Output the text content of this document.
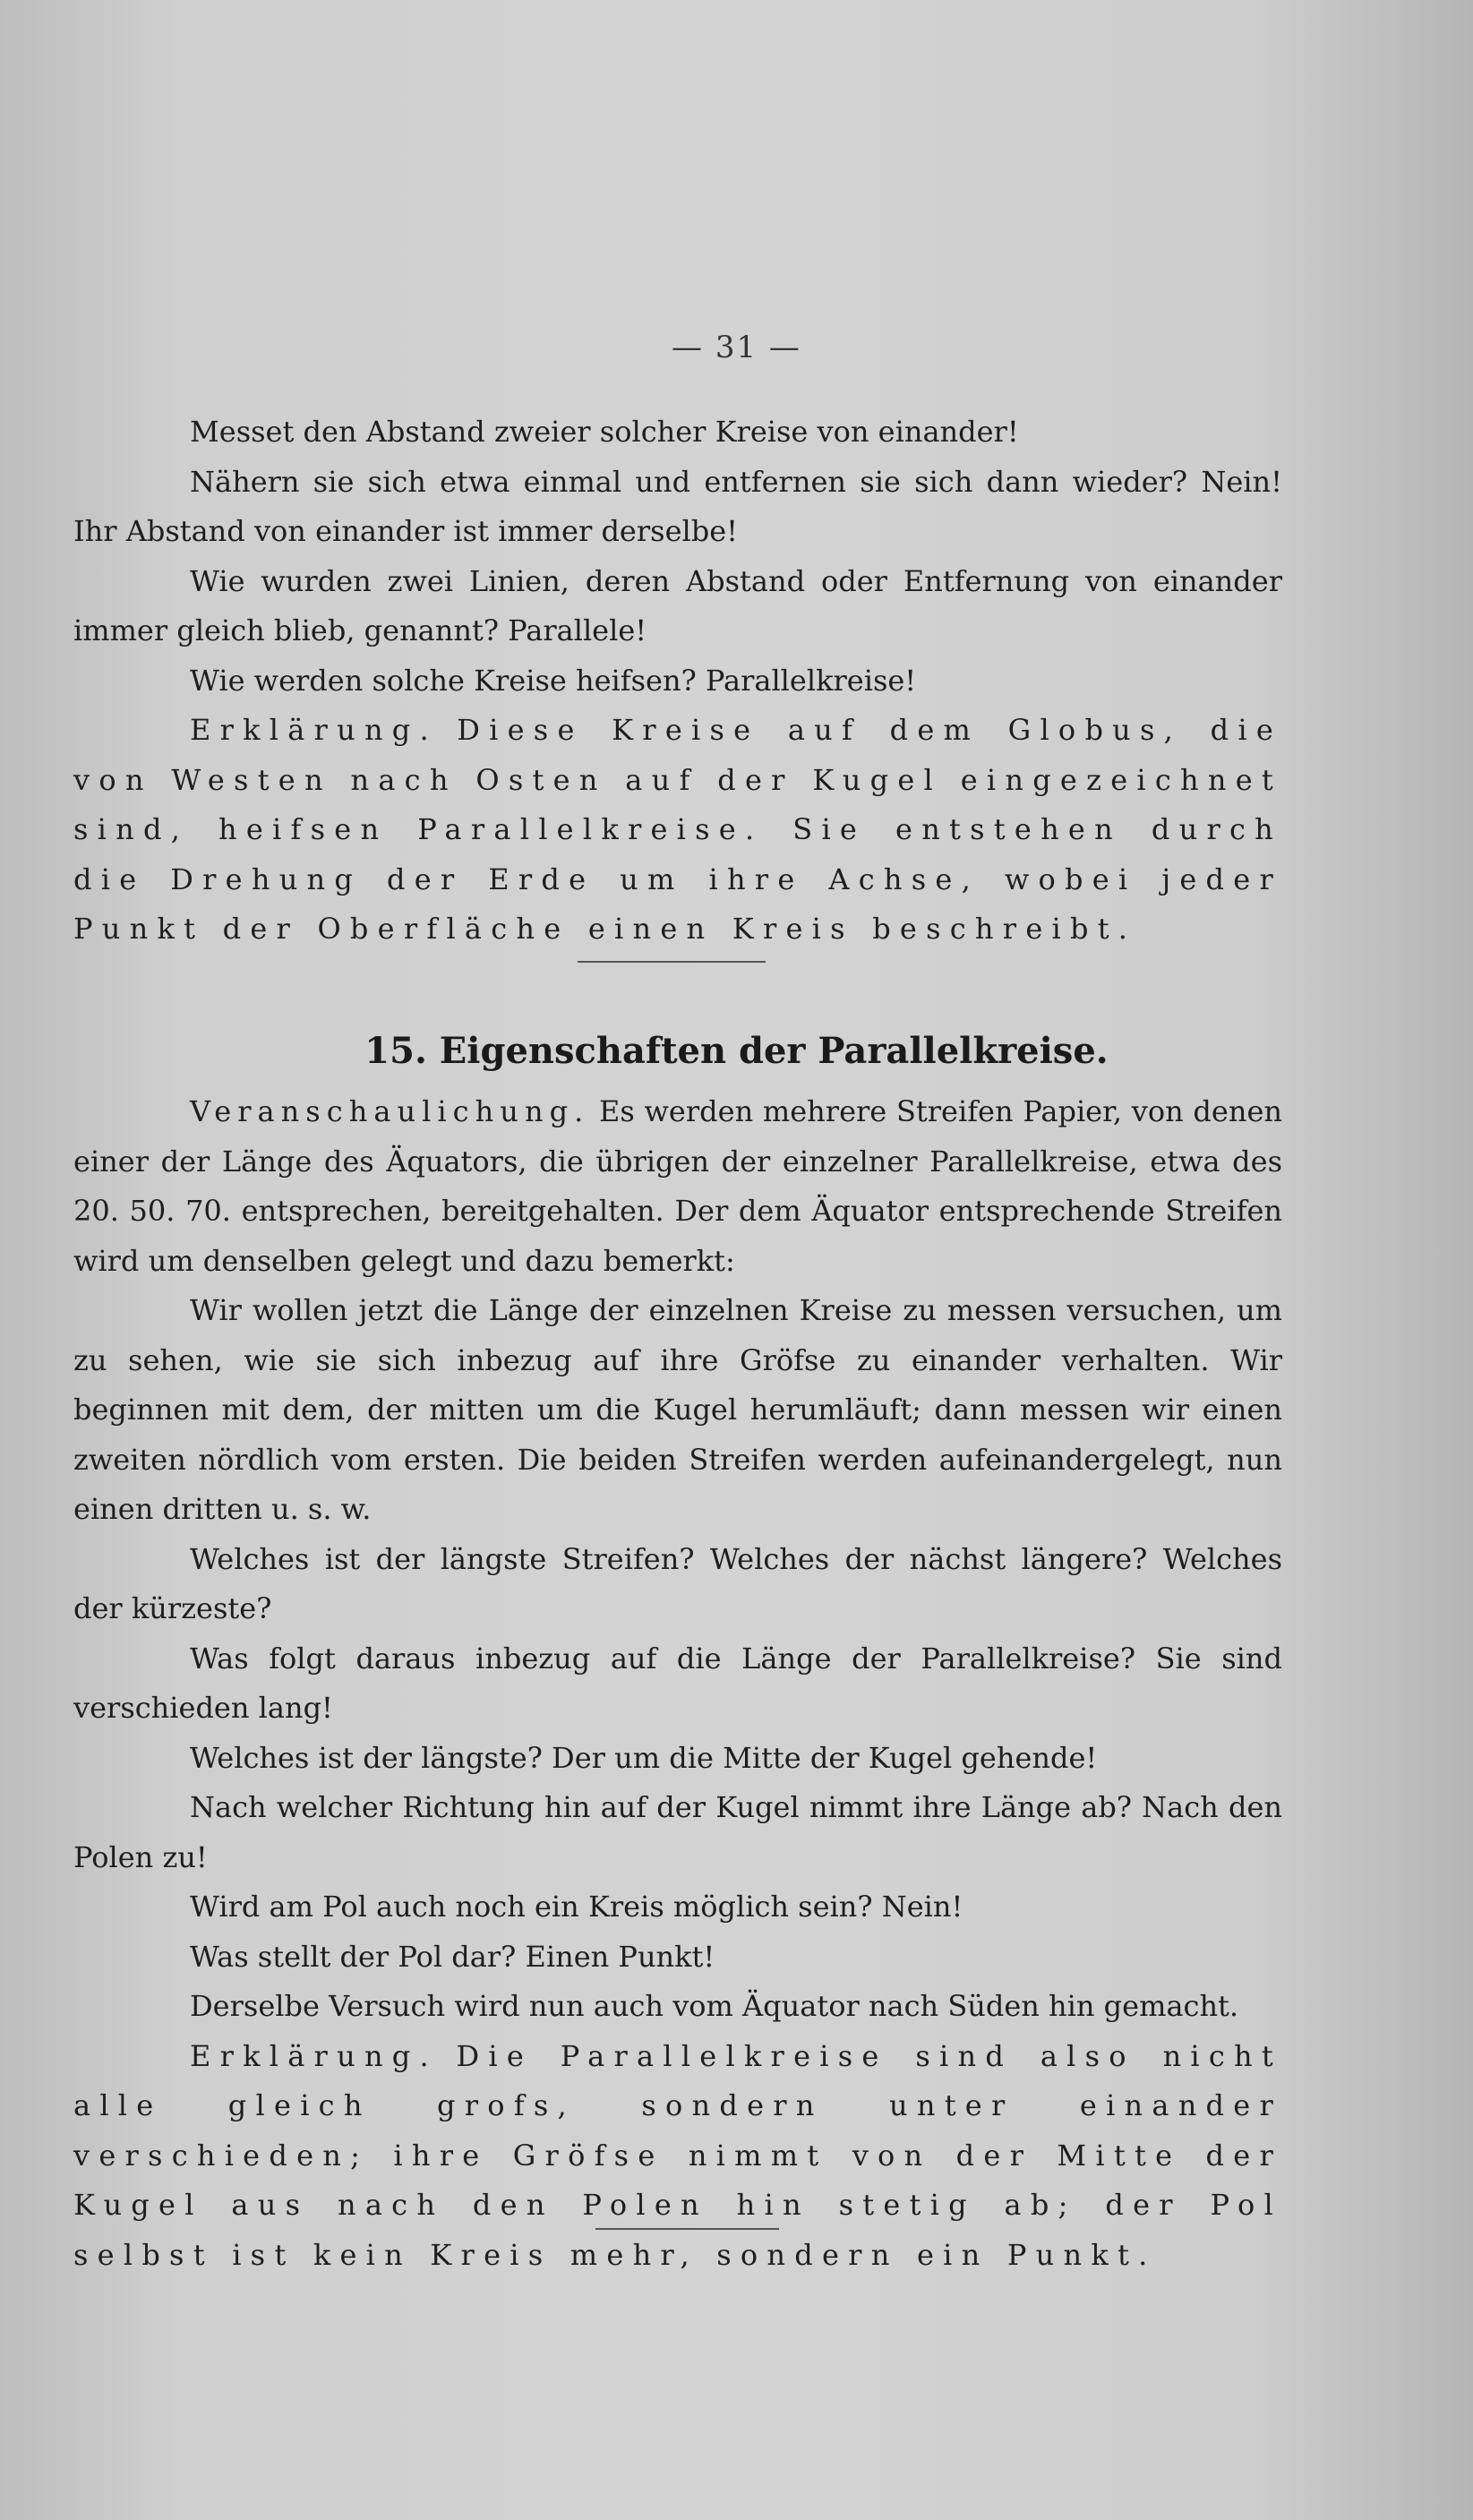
— 31 —

Messet den Abstand zweier solcher Kreise von einander!

Nähern sie sich etwa einmal und entfernen sie sich dann wieder? Nein! Ihr Abstand von einander ist immer derselbe!

Wie wurden zwei Linien, deren Abstand oder Entfernung von einander immer gleich blieb, genannt? Parallele!

Wie werden solche Kreise heifsen? Parallelkreise!

Erklärung. Diese Kreise auf dem Globus, die von Westen nach Osten auf der Kugel eingezeichnet sind, heifsen Parallelkreise. Sie entstehen durch die Drehung der Erde um ihre Achse, wobei jeder Punkt der Oberfläche einen Kreis beschreibt.

15. Eigenschaften der Parallelkreise.

Veranschaulichung. Es werden mehrere Streifen Papier, von denen einer der Länge des Äquators, die übrigen der einzelner Parallelkreise, etwa des 20. 50. 70. entsprechen, bereitgehalten. Der dem Äquator entsprechende Streifen wird um denselben gelegt und dazu bemerkt:

Wir wollen jetzt die Länge der einzelnen Kreise zu messen versuchen, um zu sehen, wie sie sich inbezug auf ihre Gröfse zu einander verhalten. Wir beginnen mit dem, der mitten um die Kugel herumläuft; dann messen wir einen zweiten nördlich vom ersten. Die beiden Streifen werden aufeinandergelegt, nun einen dritten u. s. w.

Welches ist der längste Streifen? Welches der nächst längere? Welches der kürzeste?

Was folgt daraus inbezug auf die Länge der Parallelkreise? Sie sind verschieden lang!

Welches ist der längste? Der um die Mitte der Kugel gehende!

Nach welcher Richtung hin auf der Kugel nimmt ihre Länge ab? Nach den Polen zu!

Wird am Pol auch noch ein Kreis möglich sein? Nein!

Was stellt der Pol dar? Einen Punkt!

Derselbe Versuch wird nun auch vom Äquator nach Süden hin gemacht.

Erklärung. Die Parallelkreise sind also nicht alle gleich grofs, sondern unter einander verschieden; ihre Gröfse nimmt von der Mitte der Kugel aus nach den Polen hin stetig ab; der Pol selbst ist kein Kreis mehr, sondern ein Punkt.
